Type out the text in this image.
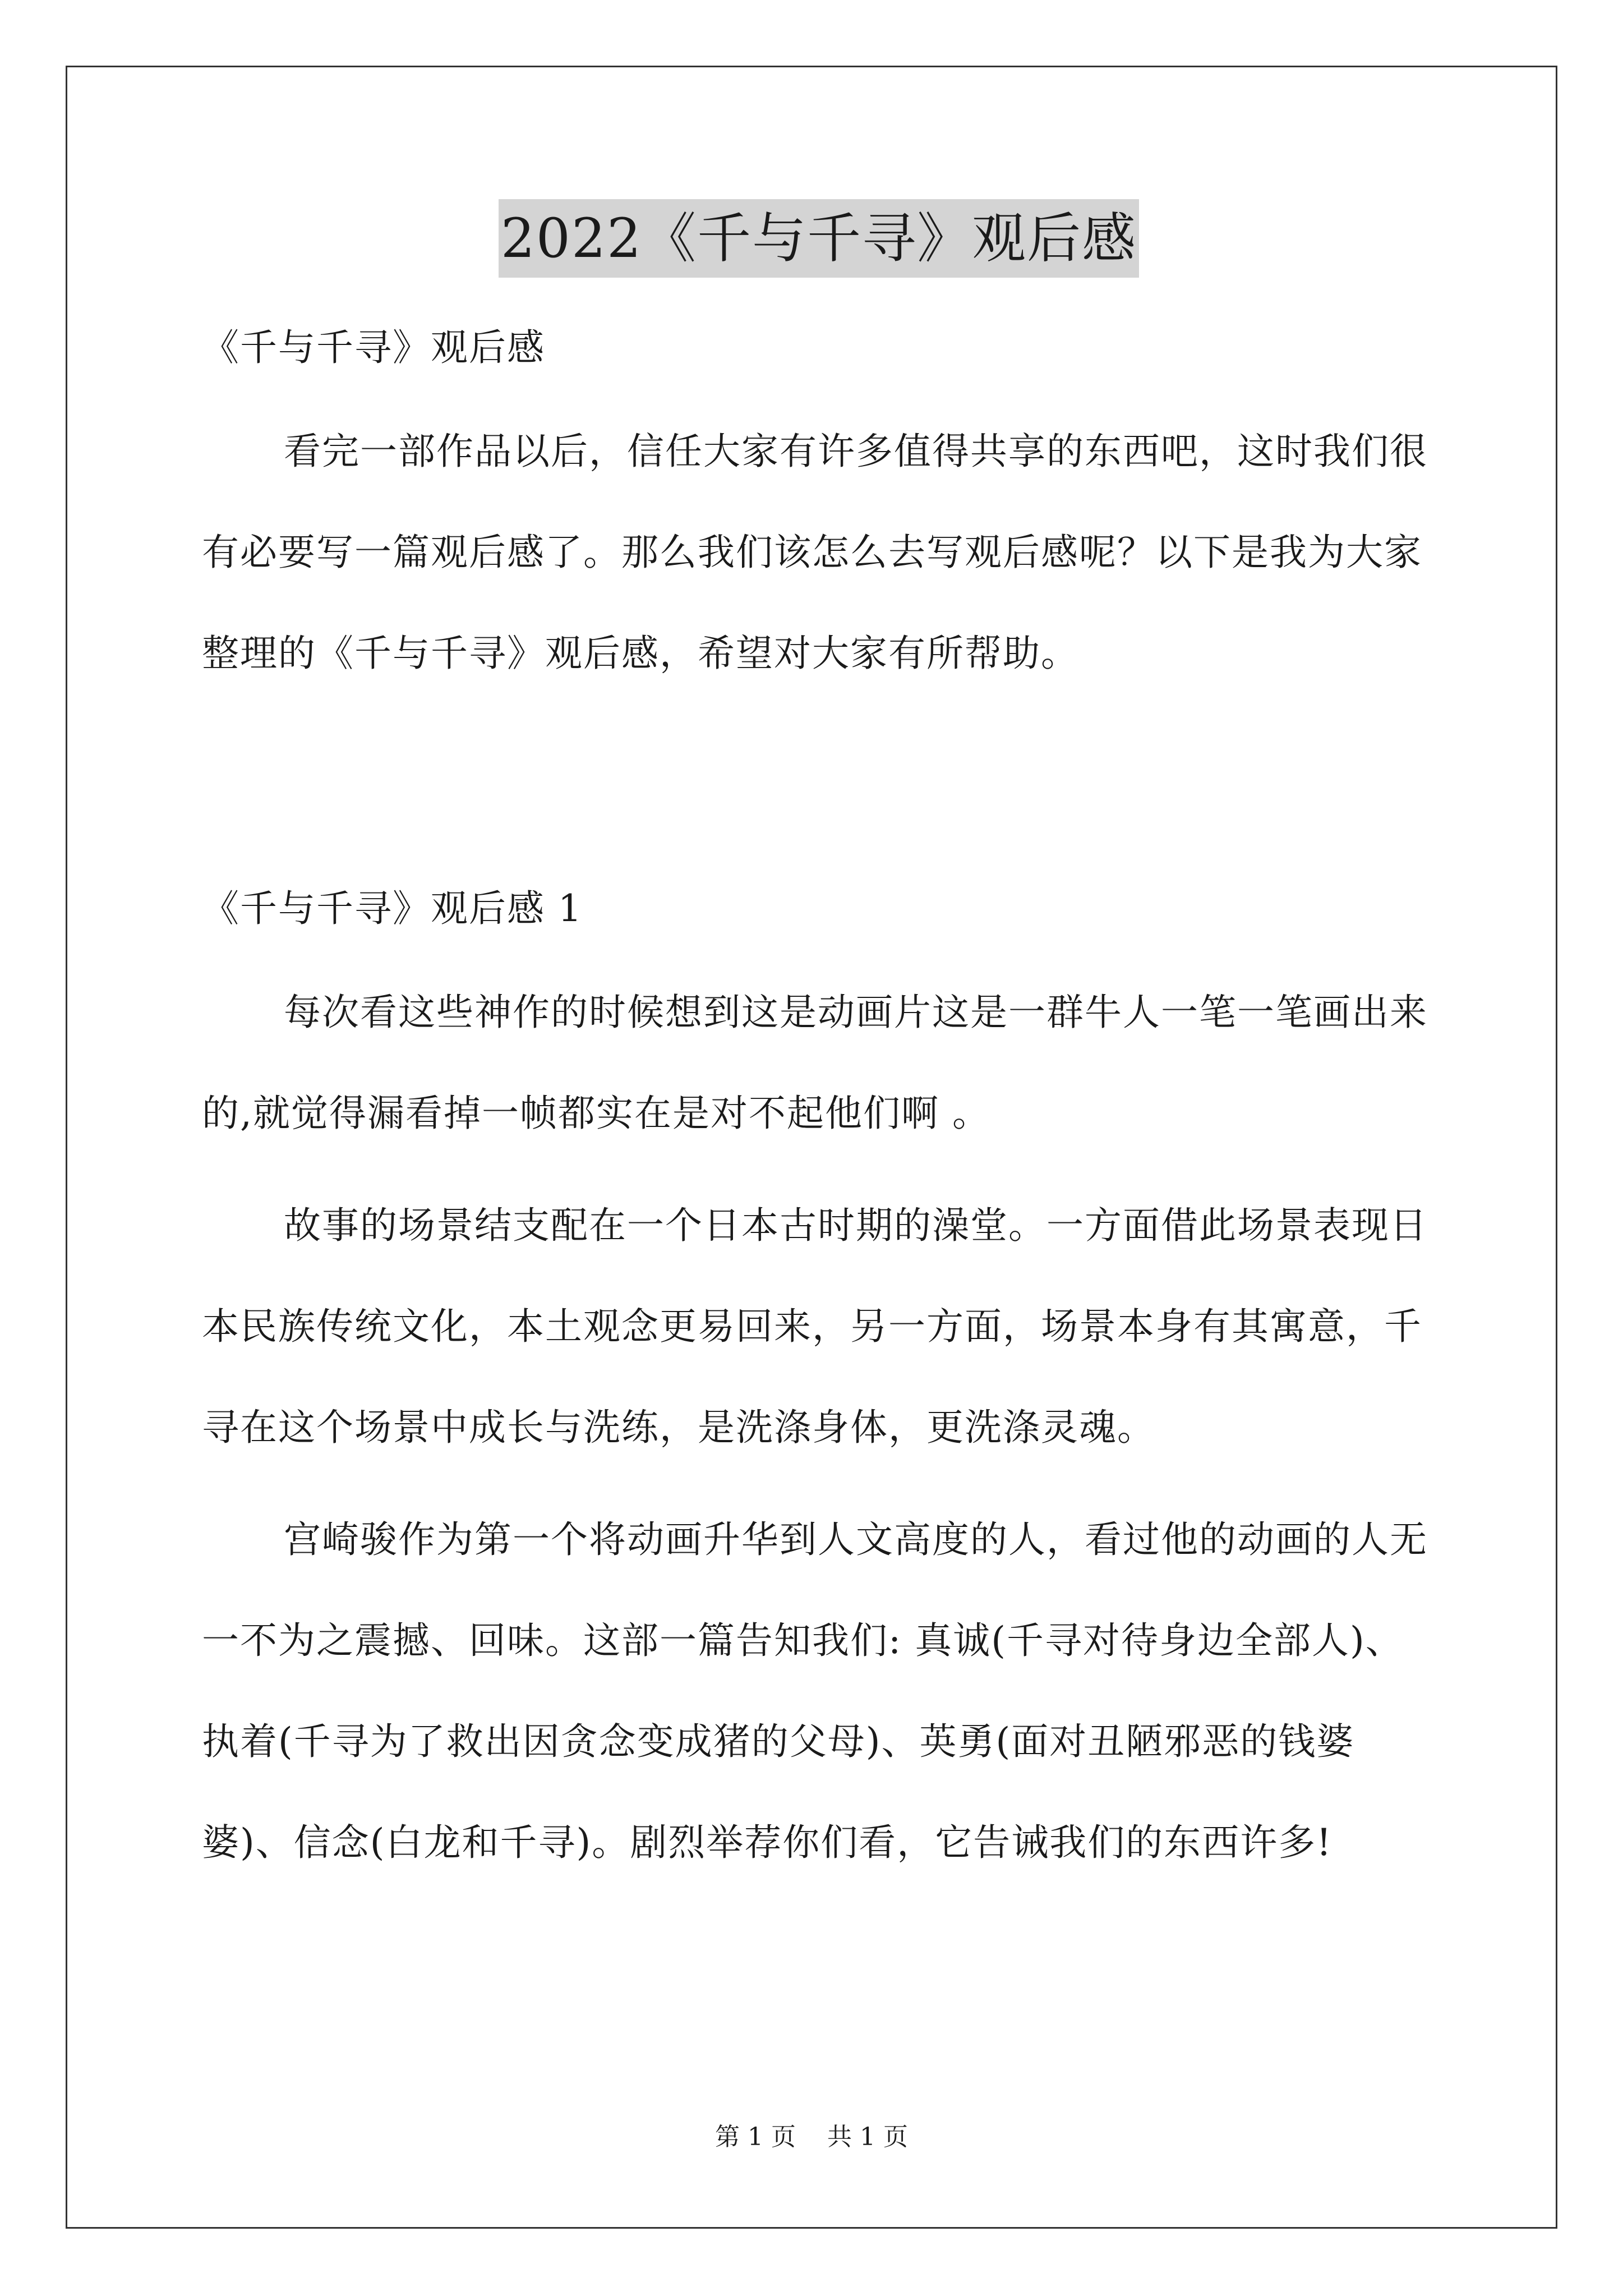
2022《千与千寻》观后感

《千与千寻》观后感

看完一部作品以后，信任大家有许多值得共享的东西吧，这时我们很有必要写一篇观后感了。那么我们该怎么去写观后感呢？以下是我为大家整理的《千与千寻》观后感，希望对大家有所帮助。

《千与千寻》观后感 1

每次看这些神作的时候想到这是动画片这是一群牛人一笔一笔画出来的,就觉得漏看掉一帧都实在是对不起他们啊 。

故事的场景结支配在一个日本古时期的澡堂。一方面借此场景表现日本民族传统文化，本土观念更易回来，另一方面，场景本身有其寓意，千寻在这个场景中成长与洗练，是洗涤身体，更洗涤灵魂。

宫崎骏作为第一个将动画升华到人文高度的人，看过他的动画的人无一不为之震撼、回味。这部一篇告知我们: 真诚(千寻对待身边全部人)、执着(千寻为了救出因贪念变成猪的父母)、英勇(面对丑陋邪恶的钱婆婆)、信念(白龙和千寻)。剧烈举荐你们看，它告诫我们的东西许多!

第 1 页 共 1 页
